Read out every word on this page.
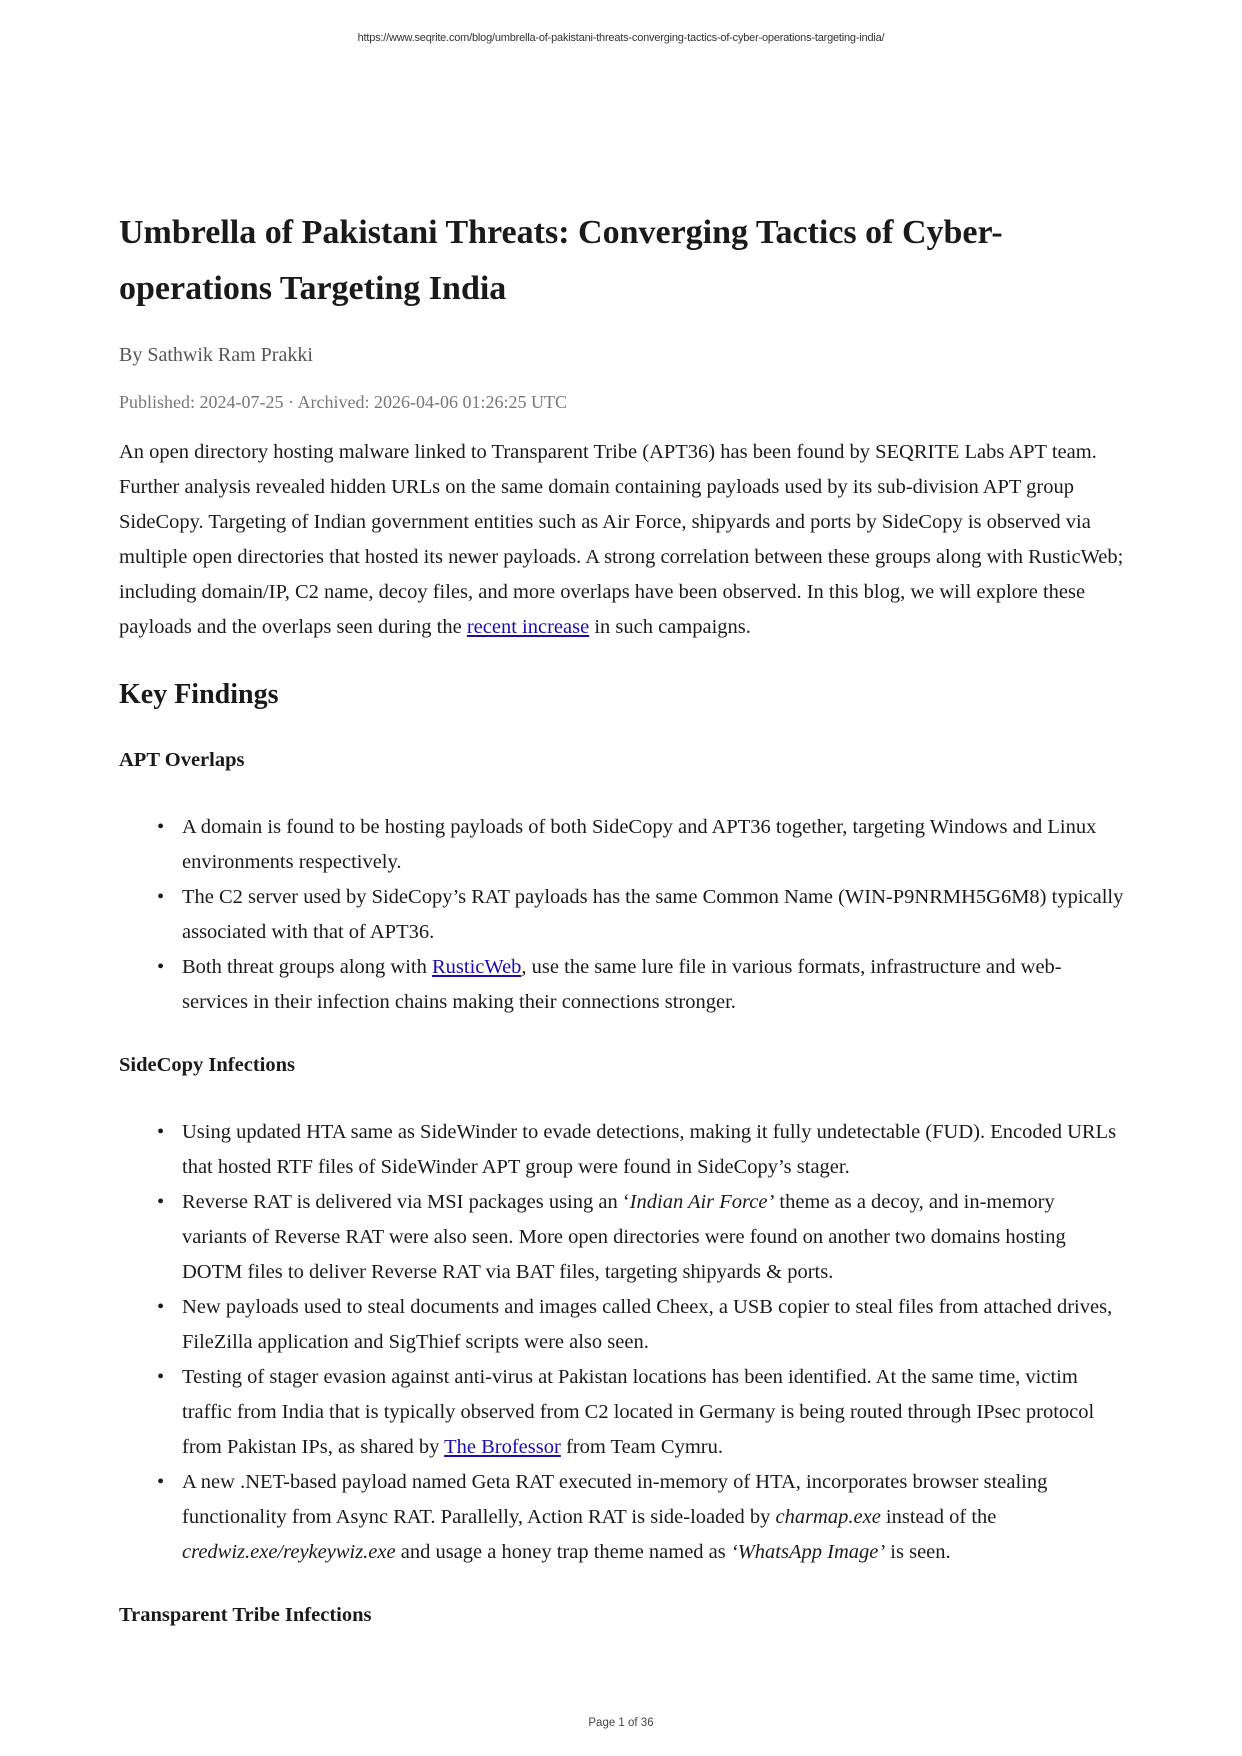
https://www.seqrite.com/blog/umbrella-of-pakistani-threats-converging-tactics-of-cyber-operations-targeting-india/
Umbrella of Pakistani Threats: Converging Tactics of Cyber-operations Targeting India
By Sathwik Ram Prakki
Published: 2024-07-25 · Archived: 2026-04-06 01:26:25 UTC

An open directory hosting malware linked to Transparent Tribe (APT36) has been found by SEQRITE Labs APT team. Further analysis revealed hidden URLs on the same domain containing payloads used by its sub-division APT group SideCopy. Targeting of Indian government entities such as Air Force, shipyards and ports by SideCopy is observed via multiple open directories that hosted its newer payloads. A strong correlation between these groups along with RusticWeb; including domain/IP, C2 name, decoy files, and more overlaps have been observed. In this blog, we will explore these payloads and the overlaps seen during the recent increase in such campaigns.

Key Findings
APT Overlaps
• A domain is found to be hosting payloads of both SideCopy and APT36 together, targeting Windows and Linux environments respectively.
• The C2 server used by SideCopy’s RAT payloads has the same Common Name (WIN-P9NRMH5G6M8) typically associated with that of APT36.
• Both threat groups along with RusticWeb, use the same lure file in various formats, infrastructure and web-services in their infection chains making their connections stronger.
SideCopy Infections
• Using updated HTA same as SideWinder to evade detections, making it fully undetectable (FUD). Encoded URLs that hosted RTF files of SideWinder APT group were found in SideCopy’s stager.
• Reverse RAT is delivered via MSI packages using an ‘Indian Air Force’ theme as a decoy, and in-memory variants of Reverse RAT were also seen. More open directories were found on another two domains hosting DOTM files to deliver Reverse RAT via BAT files, targeting shipyards & ports.
• New payloads used to steal documents and images called Cheex, a USB copier to steal files from attached drives, FileZilla application and SigThief scripts were also seen.
• Testing of stager evasion against anti-virus at Pakistan locations has been identified. At the same time, victim traffic from India that is typically observed from C2 located in Germany is being routed through IPsec protocol from Pakistan IPs, as shared by The Brofessor from Team Cymru.
• A new .NET-based payload named Geta RAT executed in-memory of HTA, incorporates browser stealing functionality from Async RAT. Parallelly, Action RAT is side-loaded by charmap.exe instead of the credwiz.exe/reykeywiz.exe and usage a honey trap theme named as ‘WhatsApp Image’ is seen.
Transparent Tribe Infections
Page 1 of 36
